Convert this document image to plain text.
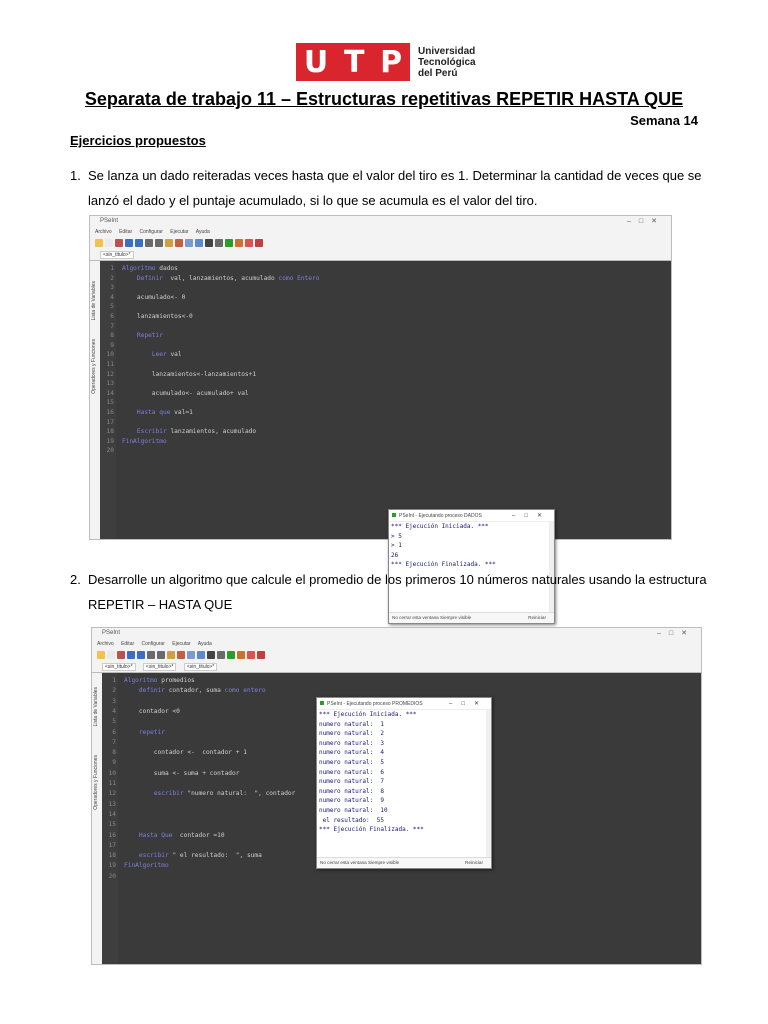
U T P Universidad
Tecnológica
del Perú
Separata de trabajo 11 – Estructuras repetitivas REPETIR HASTA QUE
Semana 14
Ejercicios propuestos
1. Se lanza un dado reiteradas veces hasta que el valor del tiro es 1. Determinar la cantidad de veces que se lanzó el dado y el puntaje acumulado, si lo que se acumula es el valor del tiro.
PSeInt	–□✕
Archivo Editar Configurar Ejecutar Ayuda
<sin_titulo>*
Lista de Variables
Operadores y Funciones
1 Algoritmo dados
2	Definir  val, lanzamientos, acumulado como Entero
3
4    acumulado<- 0
5
6    lanzamientos<-0
7
8	Repetir
9
10	Leer val
11
12        lanzamientos<-lanzamientos+1
13
14        acumulado<- acumulado+ val
15
16	Hasta que val=1
17
18	Escribir lanzamientos, acumulado
19 FinAlgoritmo
20
PSeInt - Ejecutando proceso DADOS	–□✕
*** Ejecución Iniciada. ***
> 5
> 1
26
*** Ejecución Finalizada. ***
No cerrar esta ventana Siempre visible	Reiniciar
2. Desarrolle un algoritmo que calcule el promedio de los primeros 10 números naturales usando la estructura REPETIR – HASTA QUE
PSeInt	–□✕
Archivo Editar Configurar Ejecutar Ayuda
<sin_titulo>*	<sin_titulo>*	<sin_titulo>*
Lista de Variables
Operadores y Funciones
1 Algoritmo promedios
2	definir contador, suma como entero
3
4    contador <0
5
6	repetir
7
8        contador <-  contador + 1
9
10        suma <- suma + contador
11
12	escribir "numero natural:  ", contador
13
14
15
16	Hasta Que  contador =10
17
18	escribir " el resultado:  ", suma
19 FinAlgoritmo
20
PSeInt - Ejecutando proceso PROMEDIOS	–□✕
*** Ejecución Iniciada. ***
numero natural:  1
numero natural:  2
numero natural:  3
numero natural:  4
numero natural:  5
numero natural:  6
numero natural:  7
numero natural:  8
numero natural:  9
numero natural:  10
el resultado:  55
*** Ejecución Finalizada. ***
No cerrar esta ventana Siempre visible	Reiniciar
